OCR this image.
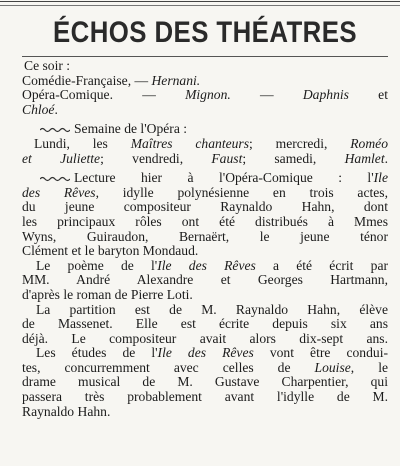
ÉCHOS DES THÉATRES
Ce soir :
Comédie-Française, — Hernani.
Opéra-Comique. — Mignon. — Daphnis et
Chloé.
Semaine de l'Opéra :
Lundi, les Maîtres chanteurs; mercredi, Roméo
et Juliette; vendredi, Faust; samedi, Hamlet.
Lecture hier à l'Opéra-Comique : l'Ile
des Rêves, idylle polynésienne en trois actes,
du jeune compositeur Raynaldo Hahn, dont
les principaux rôles ont été distribués à Mmes
Wyns, Guiraudon, Bernaërt, le jeune ténor
Clément et le baryton Mondaud.
Le poème de l'Ile des Rêves a été écrit par
MM. André Alexandre et Georges Hartmann,
d'après le roman de Pierre Loti.
La partition est de M. Raynaldo Hahn, élève
de Massenet. Elle est écrite depuis six ans
déjà. Le compositeur avait alors dix-sept ans.
Les études de l'Ile des Rêves vont être condui-
tes, concurremment avec celles de Louise, le
drame musical de M. Gustave Charpentier, qui
passera très probablement avant l'idylle de M.
Raynaldo Hahn.
